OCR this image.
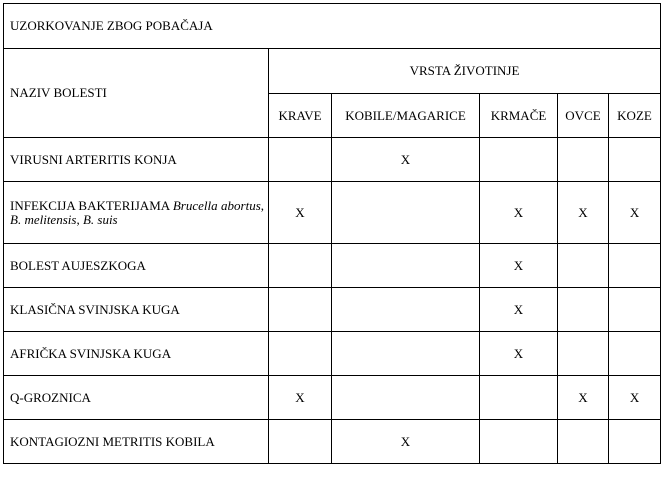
UZORKOVANJE ZBOG POBAČAJA					
NAZIV BOLESTI	VRSTA ŽIVOTINJE				
	KRAVE	KOBILE/MAGARICE	KRMAČE	OVCE	KOZE
VIRUSNI ARTERITIS KONJA		X			
INFEKCIJA BAKTERIJAMA Brucella abortus, B. melitensis, B. suis	X		X	X	X
BOLEST AUJESZKOGA			X		
KLASIČNA SVINJSKA KUGA			X		
AFRIČKA SVINJSKA KUGA			X		
Q-GROZNICA	X			X	X
KONTAGIOZNI METRITIS KOBILA		X			
